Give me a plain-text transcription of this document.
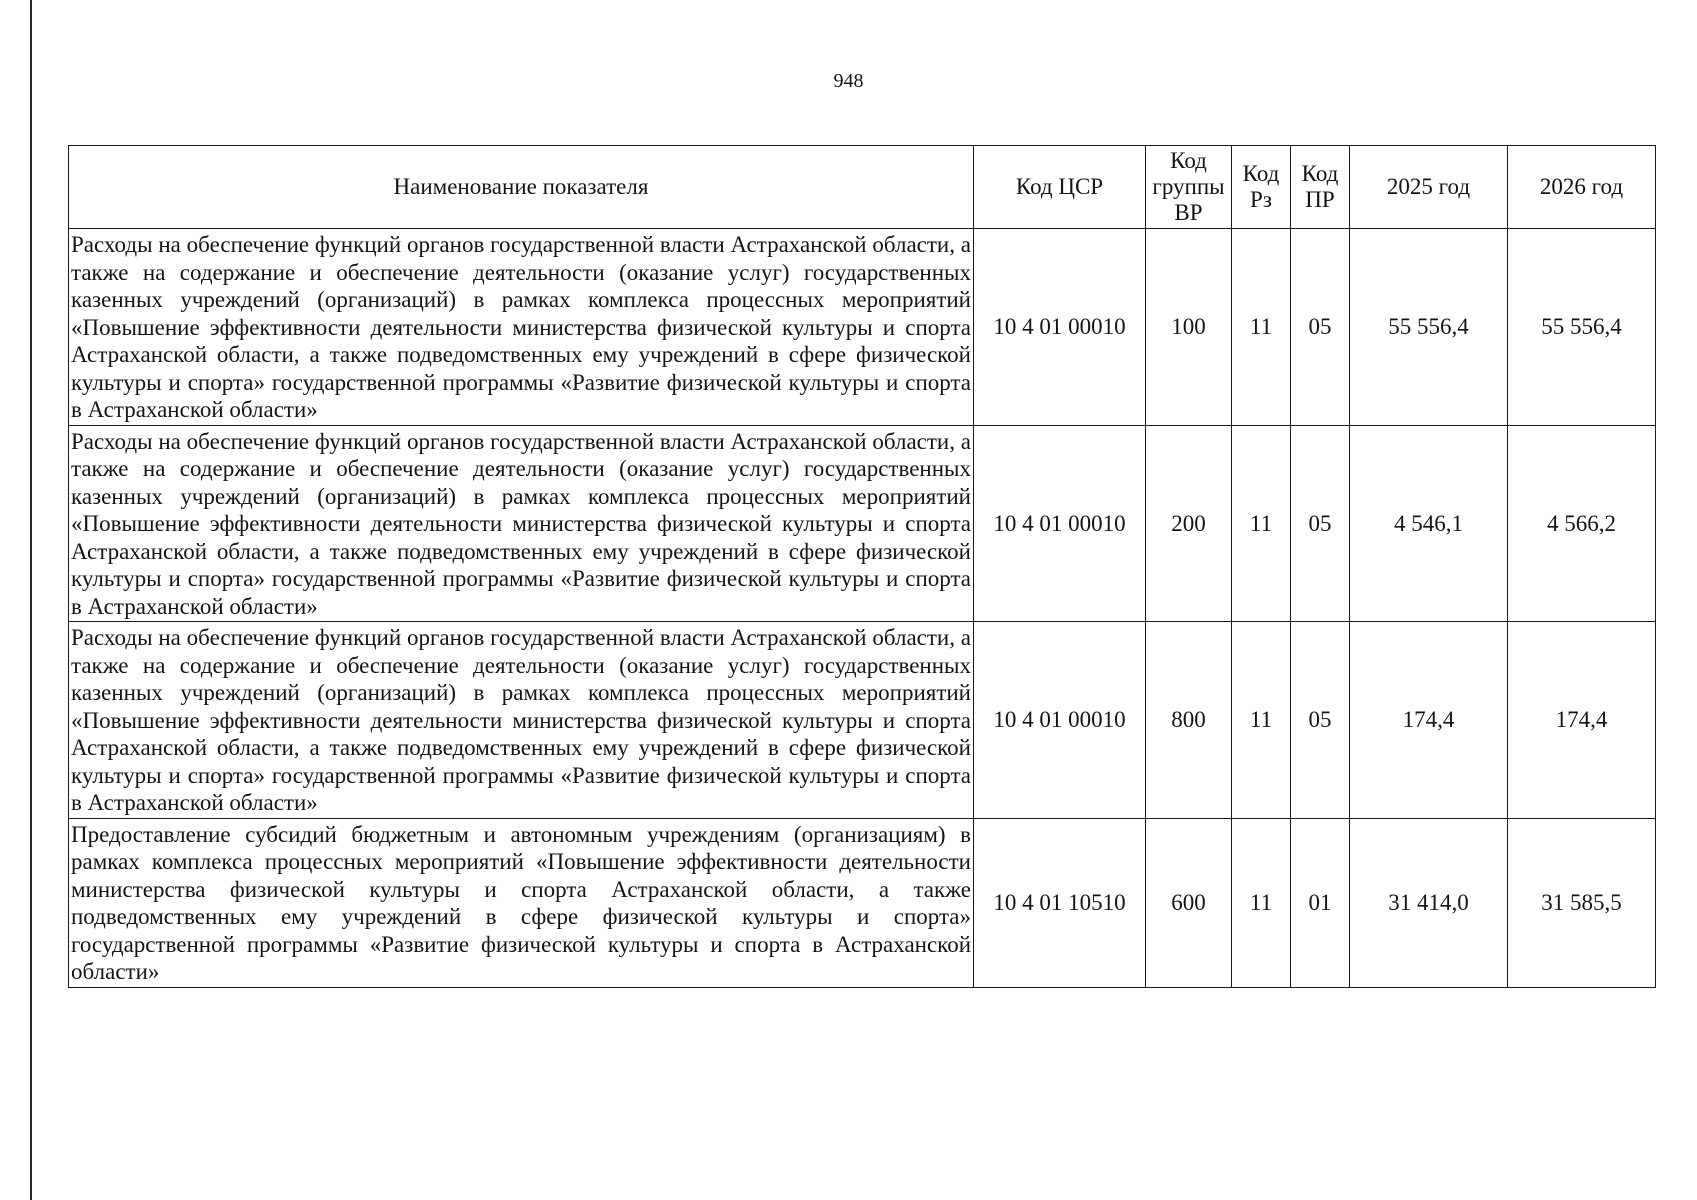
948
Наименование показателя	Код ЦСР	Код группы ВР	Код Рз	Код ПР	2025 год	2026 год

Расходы на обеспечение функций органов государственной власти Астраханской области, а также на содержание и обеспечение деятельности (оказание услуг) государственных казенных учреждений (организаций) в рамках комплекса процессных мероприятий «Повышение эффективности деятельности министерства физической культуры и спорта Астраханской области, а также подведомственных ему учреждений в сфере физической культуры и спорта» государственной программы «Развитие физической культуры и спорта в Астраханской области»	10 4 01 00010	100	11	05	55 556,4	55 556,4

Расходы на обеспечение функций органов государственной власти Астраханской области, а также на содержание и обеспечение деятельности (оказание услуг) государственных казенных учреждений (организаций) в рамках комплекса процессных мероприятий «Повышение эффективности деятельности министерства физической культуры и спорта Астраханской области, а также подведомственных ему учреждений в сфере физической культуры и спорта» государственной программы «Развитие физической культуры и спорта в Астраханской области»	10 4 01 00010	200	11	05	4 546,1	4 566,2

Расходы на обеспечение функций органов государственной власти Астраханской области, а также на содержание и обеспечение деятельности (оказание услуг) государственных казенных учреждений (организаций) в рамках комплекса процессных мероприятий «Повышение эффективности деятельности министерства физической культуры и спорта Астраханской области, а также подведомственных ему учреждений в сфере физической культуры и спорта» государственной программы «Развитие физической культуры и спорта в Астраханской области»	10 4 01 00010	800	11	05	174,4	174,4

Предоставление субсидий бюджетным и автономным учреждениям (организациям) в рамках комплекса процессных мероприятий «Повышение эффективности деятельности министерства физической культуры и спорта Астраханской области, а также подведомственных ему учреждений в сфере физической культуры и спорта» государственной программы «Развитие физической культуры и спорта в Астраханской области»	10 4 01 10510	600	11	01	31 414,0	31 585,5
